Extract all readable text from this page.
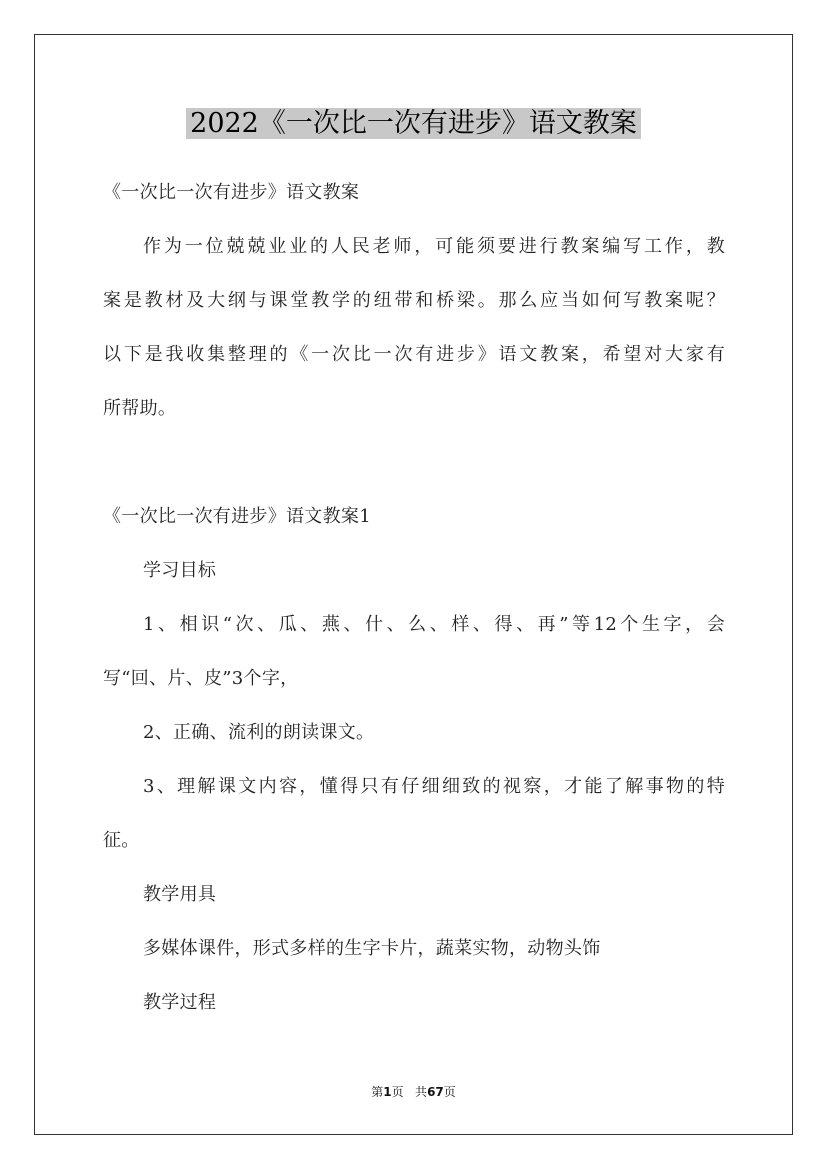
2022《一次比一次有进步》语文教案
《一次比一次有进步》语文教案
作为一位兢兢业业的人民老师，可能须要进行教案编写工作，教
案是教材及大纲与课堂教学的纽带和桥梁。那么应当如何写教案呢？
以下是我收集整理的《一次比一次有进步》语文教案，希望对大家有
所帮助。
《一次比一次有进步》语文教案1
学习目标
1、相识“次、瓜、燕、什、么、样、得、再”等12个生字，会
写“回、片、皮”3个字，
2、正确、流利的朗读课文。
3、理解课文内容，懂得只有仔细细致的视察，才能了解事物的特
征。
教学用具
多媒体课件，形式多样的生字卡片，蔬菜实物，动物头饰
教学过程
第1页 共67页
